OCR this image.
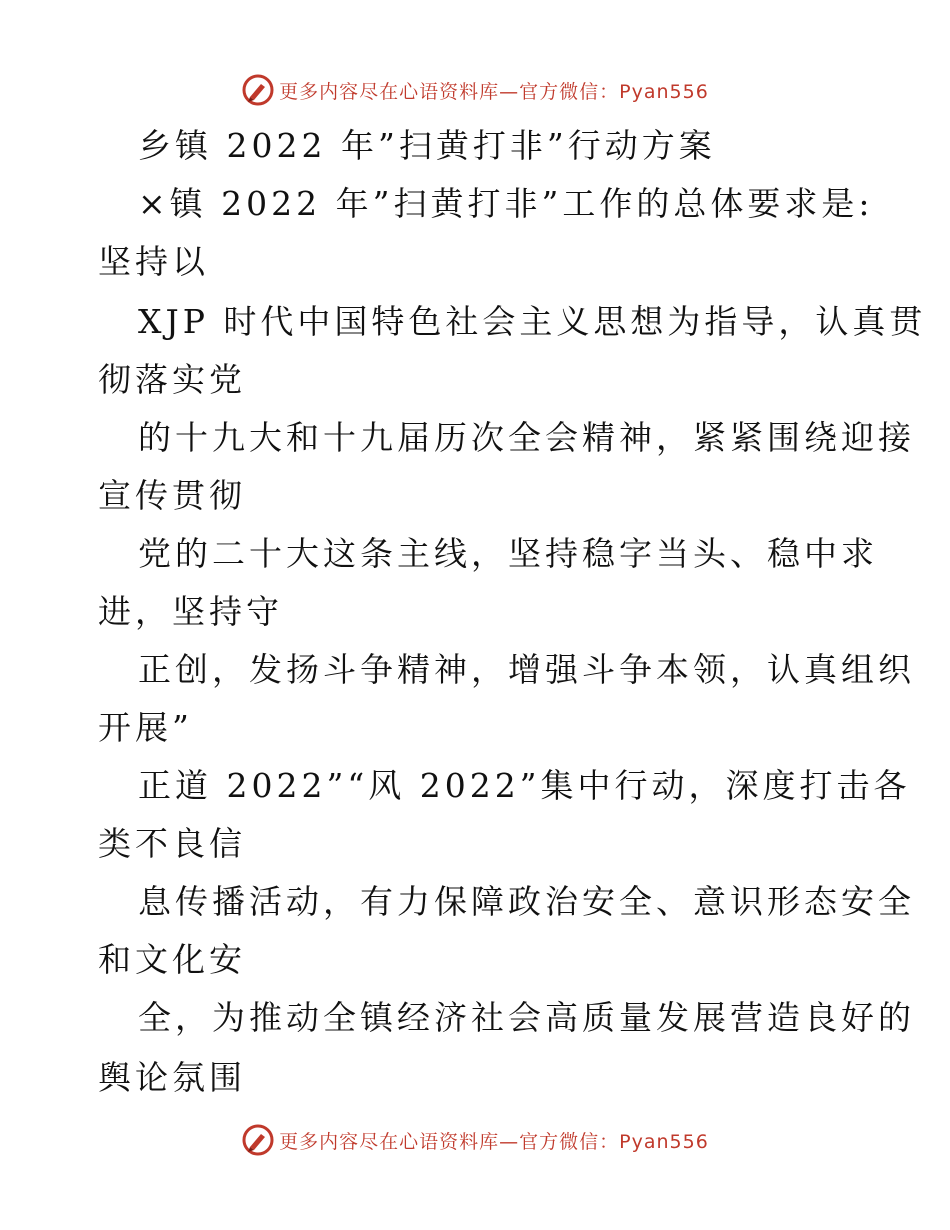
更多内容尽在心语资料库—官方微信：Pyan556
乡镇 2022 年”扫黄打非”行动方案
×镇 2022 年”扫黄打非”工作的总体要求是:
坚持以
XJP 时代中国特色社会主义思想为指导，认真贯
彻落实党
的十九大和十九届历次全会精神，紧紧围绕迎接
宣传贯彻
党的二十大这条主线，坚持稳字当头、稳中求
进，坚持守
正创，发扬斗争精神，增强斗争本领，认真组织
开展”
正道 2022”“风 2022”集中行动，深度打击各
类不良信
息传播活动，有力保障政治安全、意识形态安全
和文化安
全，为推动全镇经济社会高质量发展营造良好的
舆论氛围
更多内容尽在心语资料库—官方微信：Pyan556
